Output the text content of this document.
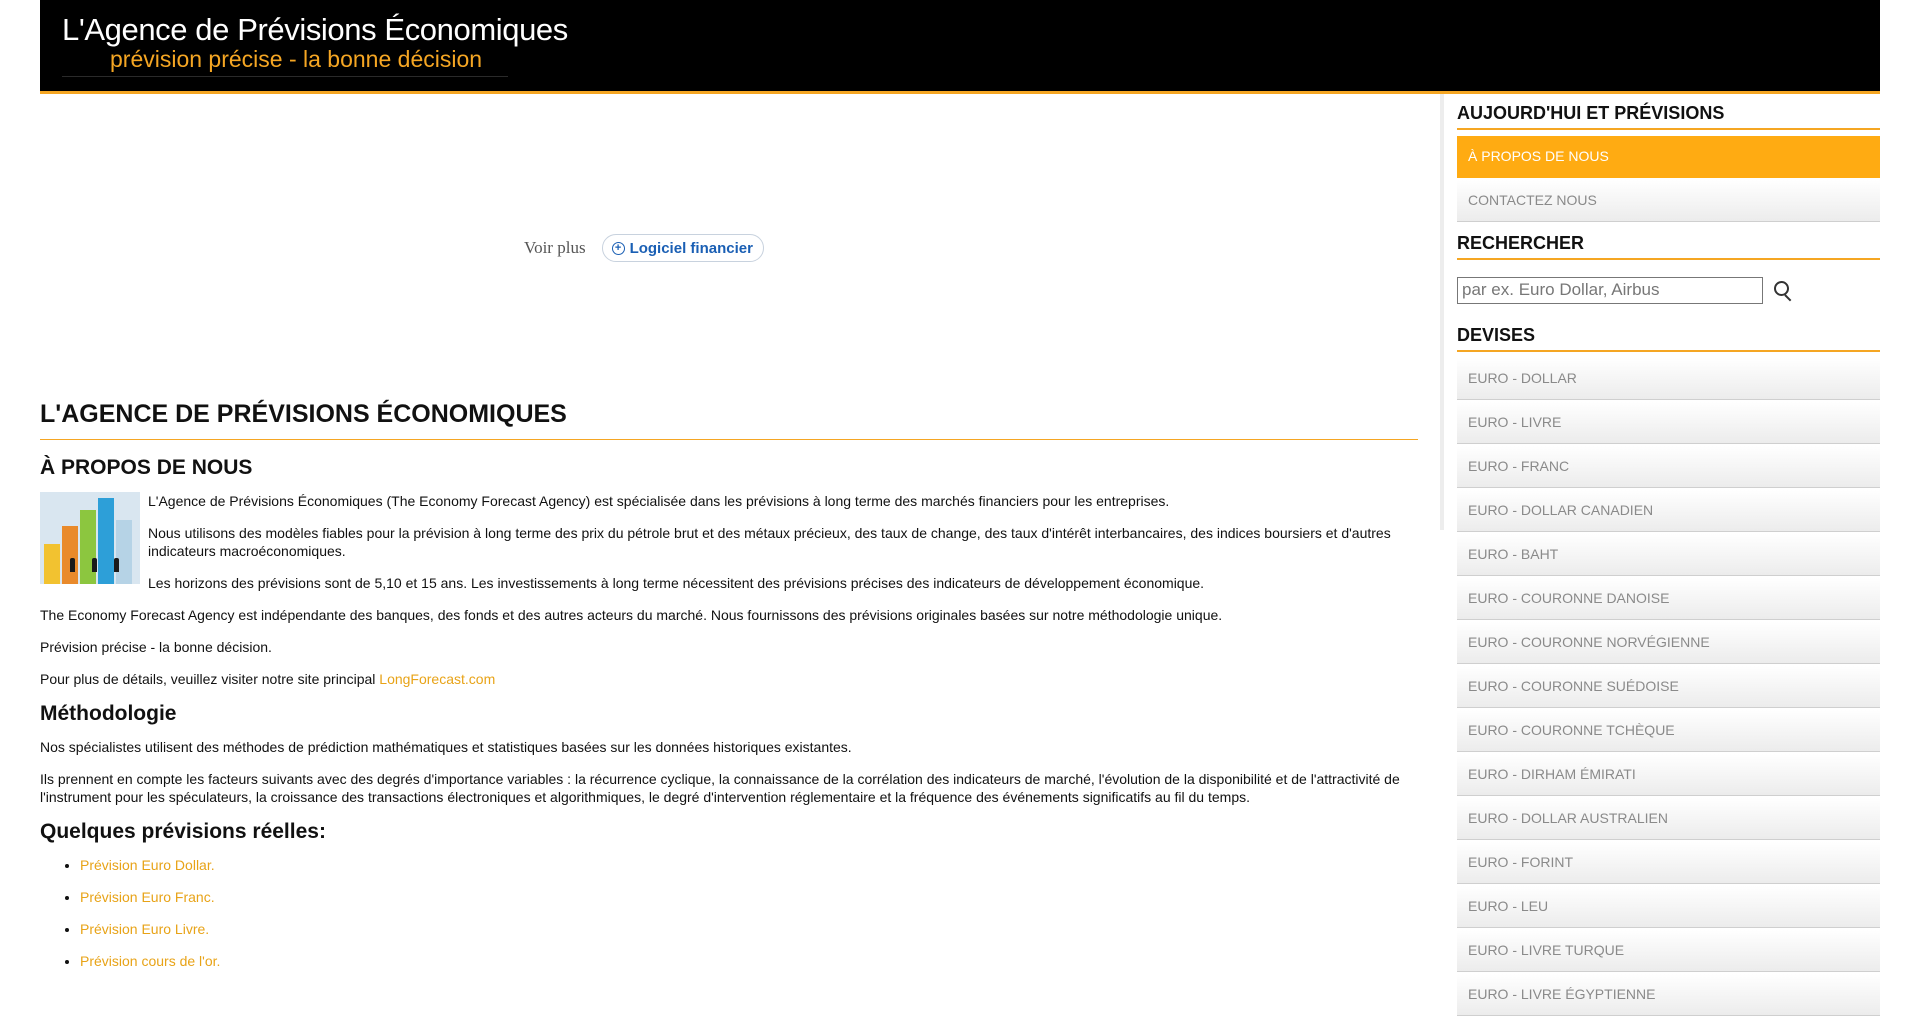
L'Agence de Prévisions Économiques
prévision précise - la bonne décision
Voir plus	+ Logiciel financier
L'AGENCE DE PRÉVISIONS ÉCONOMIQUES
À PROPOS DE NOUS

L'Agence de Prévisions Économiques (The Economy Forecast Agency) est spécialisée dans les prévisions à long terme des marchés financiers pour les entreprises.

Nous utilisons des modèles fiables pour la prévision à long terme des prix du pétrole brut et des métaux précieux, des taux de change, des taux d'intérêt interbancaires, des indices boursiers et d'autres indicateurs macroéconomiques.

Les horizons des prévisions sont de 5,10 et 15 ans. Les investissements à long terme nécessitent des prévisions précises des indicateurs de développement économique.

The Economy Forecast Agency est indépendante des banques, des fonds et des autres acteurs du marché. Nous fournissons des prévisions originales basées sur notre méthodologie unique.

Prévision précise - la bonne décision.

Pour plus de détails, veuillez visiter notre site principal LongForecast.com

Méthodologie

Nos spécialistes utilisent des méthodes de prédiction mathématiques et statistiques basées sur les données historiques existantes.

Ils prennent en compte les facteurs suivants avec des degrés d'importance variables : la récurrence cyclique, la connaissance de la corrélation des indicateurs de marché, l'évolution de la disponibilité et de l'attractivité de l'instrument pour les spéculateurs, la croissance des transactions électroniques et algorithmiques, le degré d'intervention réglementaire et la fréquence des événements significatifs au fil du temps.

Quelques prévisions réelles:
• Prévision Euro Dollar.
• Prévision Euro Franc.
• Prévision Euro Livre.
• Prévision cours de l'or.
AUJOURD'HUI ET PRÉVISIONS
À PROPOS DE NOUS
CONTACTEZ NOUS
RECHERCHER
par ex. Euro Dollar, Airbus
DEVISES
EURO - DOLLAR
EURO - LIVRE
EURO - FRANC
EURO - DOLLAR CANADIEN
EURO - BAHT
EURO - COURONNE DANOISE
EURO - COURONNE NORVÉGIENNE
EURO - COURONNE SUÉDOISE
EURO - COURONNE TCHÈQUE
EURO - DIRHAM ÉMIRATI
EURO - DOLLAR AUSTRALIEN
EURO - FORINT
EURO - LEU
EURO - LIVRE TURQUE
EURO - LIVRE ÉGYPTIENNE
